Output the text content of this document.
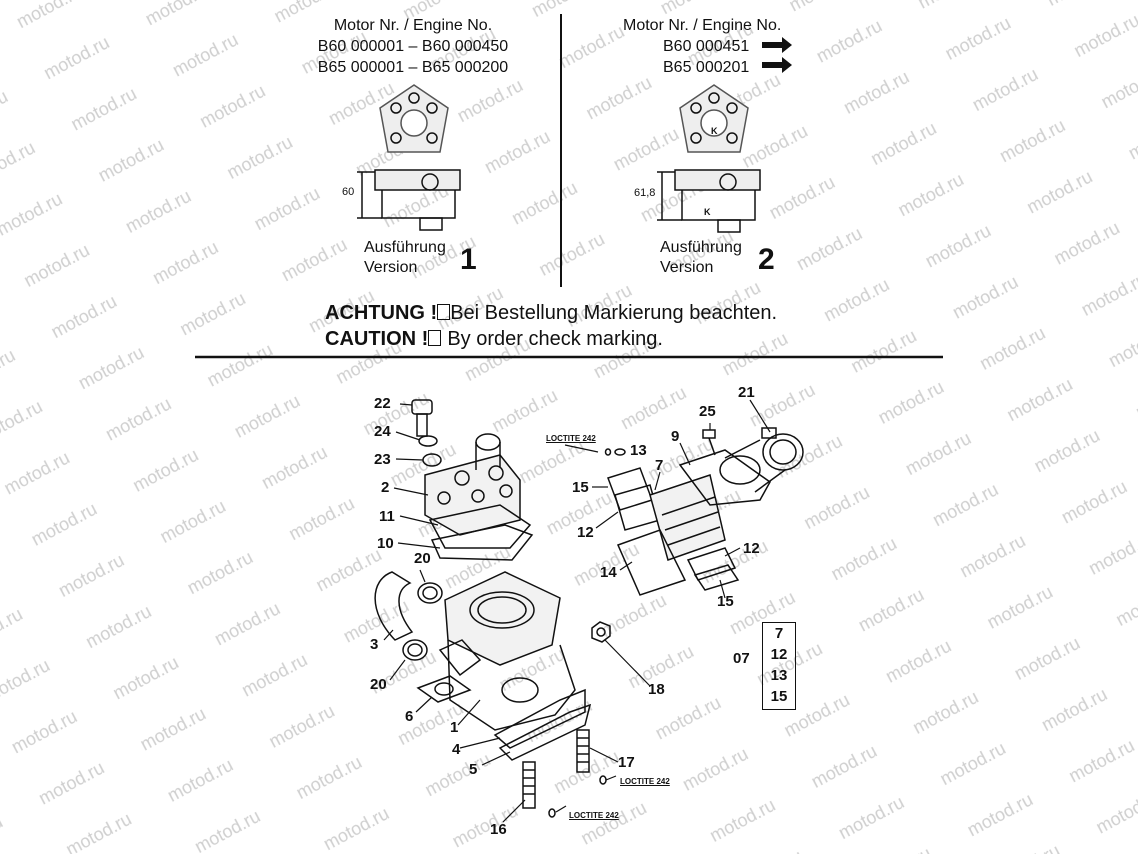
Motor Nr. / Engine No.
B60 000001 – B60 000450
B65 000001 – B65 000200
60
Ausführung
Version	1
Motor Nr. / Engine No.
B60 000451
B65 000201
61,8
K
K
Ausführung
Version	2
ACHTUNG ! Bei Bestellung Markierung beachten.
CAUTION ! By order check marking.
22
24
23
2
11
10
20
3
20
6
1
4
5
16
17
18
15
12
14
15
12
7
9
13
25
21
LOCTITE 242
LOCTITE 242
LOCTITE 242
07
7
12
13
15
